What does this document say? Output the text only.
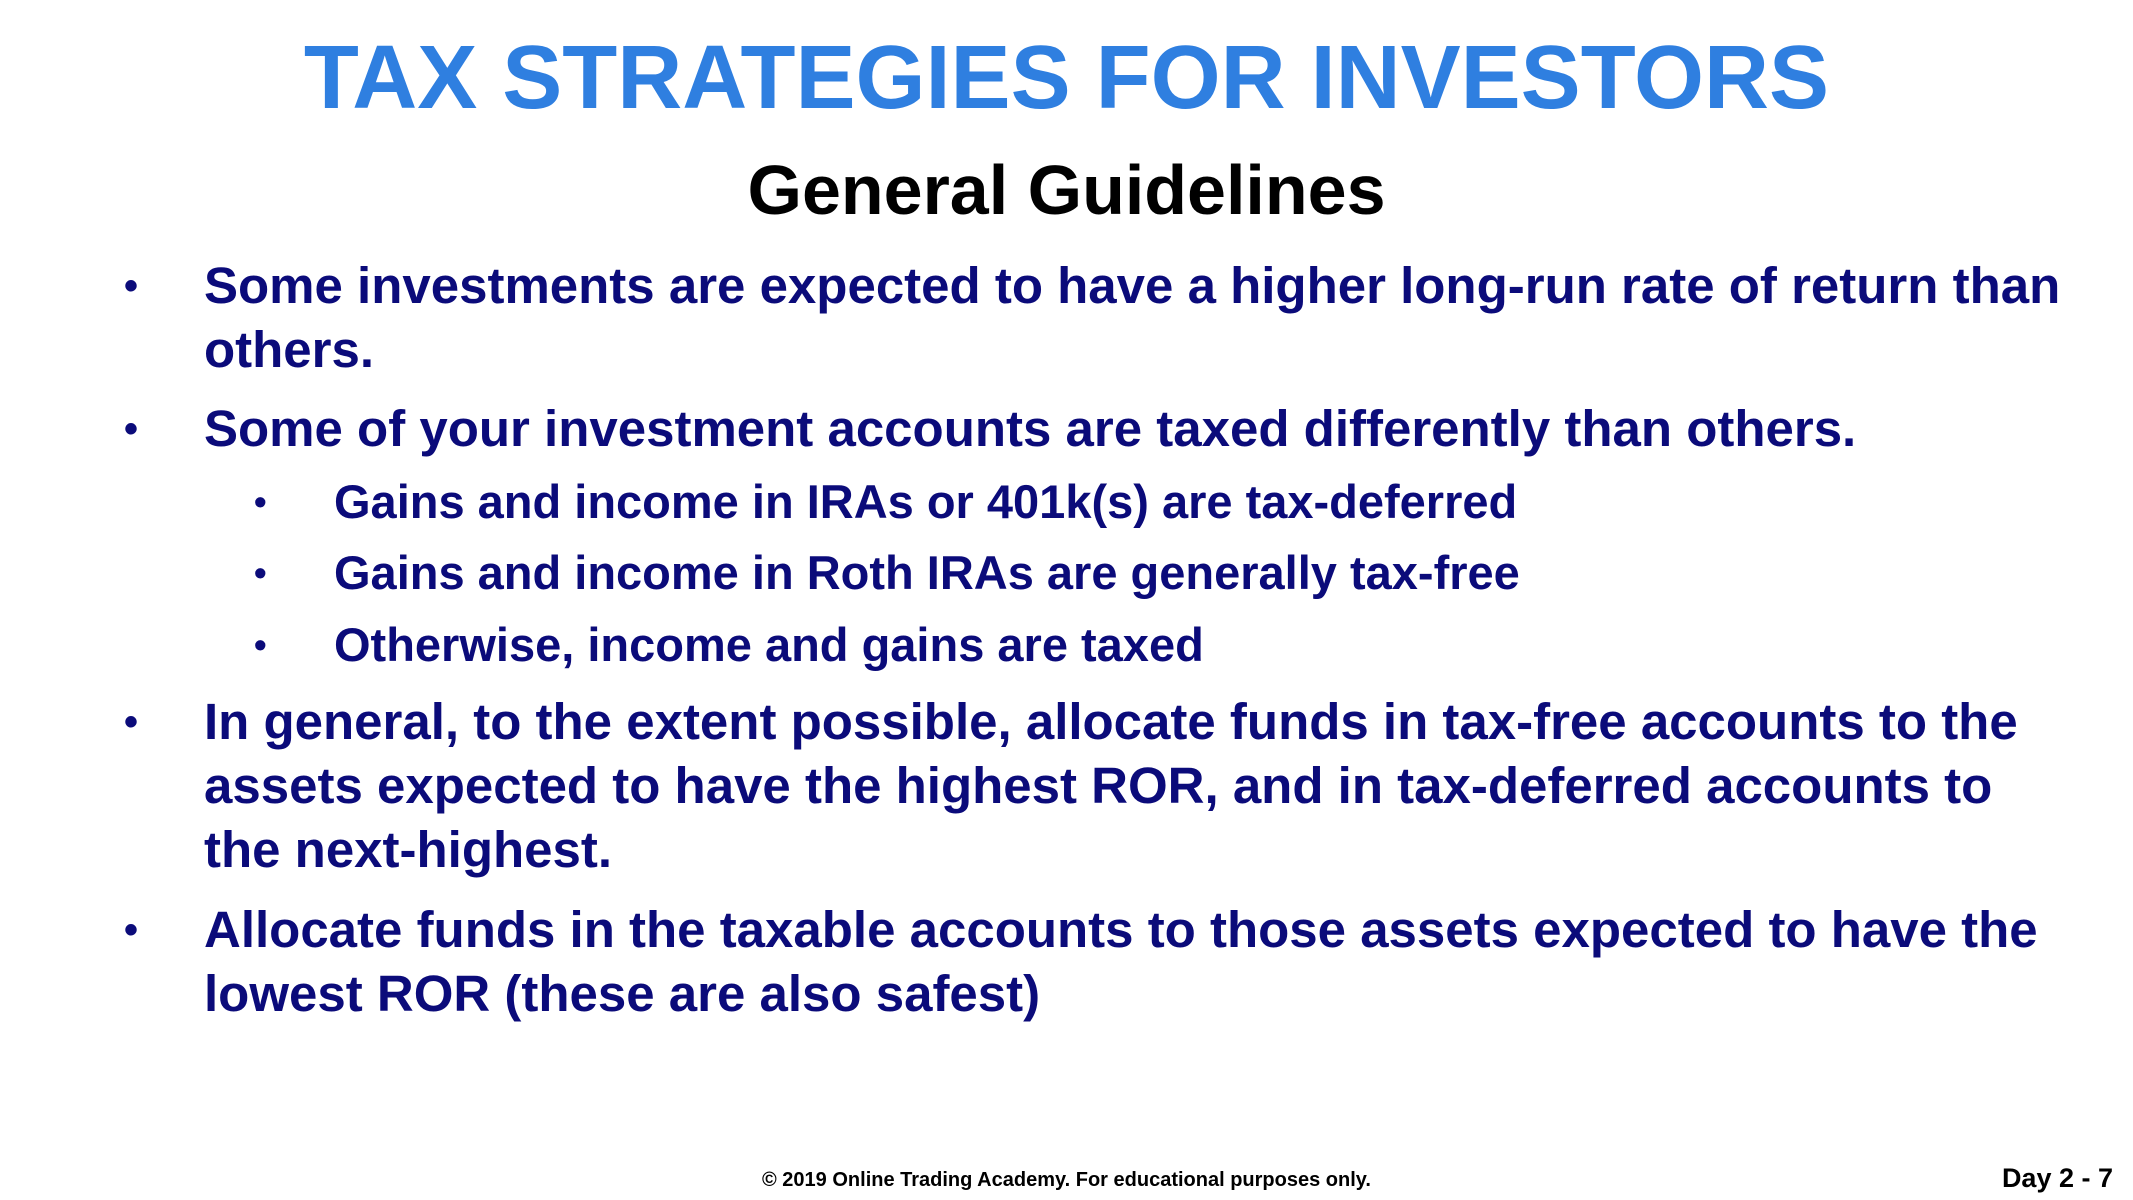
TAX STRATEGIES FOR INVESTORS
General Guidelines
• Some investments are expected to have a higher long-run rate of return than others.
• Some of your investment accounts are taxed differently than others.
• Gains and income in IRAs or 401k(s) are tax-deferred
• Gains and income in Roth IRAs are generally tax-free
• Otherwise, income and gains are taxed
• In general, to the extent possible, allocate funds in tax-free accounts to the assets expected to have the highest ROR, and in tax-deferred accounts to the next-highest.
• Allocate funds in the taxable accounts to those assets expected to have the lowest ROR (these are also safest)
© 2019 Online Trading Academy. For educational purposes only.	Day 2 - 7
